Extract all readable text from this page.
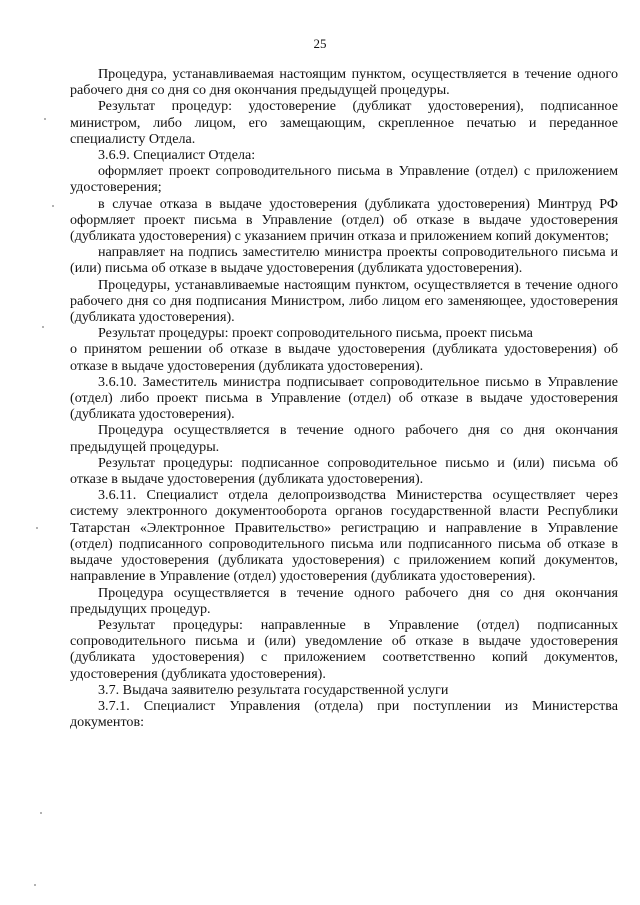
25

Процедура, устанавливаемая настоящим пунктом, осуществляется в течение одного рабочего дня со дня со дня окончания предыдущей процедуры.

Результат процедур: удостоверение (дубликат удостоверения), подписанное министром, либо лицом, его замещающим, скрепленное печатью и переданное специалисту Отдела.

3.6.9. Специалист Отдела:

оформляет проект сопроводительного письма в Управление (отдел) с приложением удостоверения;

в случае отказа в выдаче удостоверения (дубликата удостоверения) Минтруд РФ оформляет проект письма в Управление (отдел) об отказе в выдаче удостоверения (дубликата удостоверения) с указанием причин отказа и приложением копий документов;

направляет на подпись заместителю министра проекты сопроводительного письма и (или) письма об отказе в выдаче удостоверения (дубликата удостоверения).

Процедуры, устанавливаемые настоящим пунктом, осуществляется в течение одного рабочего дня со дня подписания Министром, либо лицом его заменяющее, удостоверения (дубликата удостоверения).

Результат процедуры: проект сопроводительного письма, проект письма

о принятом решении об отказе в выдаче удостоверения (дубликата удостоверения) об отказе в выдаче удостоверения (дубликата удостоверения).

3.6.10. Заместитель министра подписывает сопроводительное письмо в Управление (отдел) либо проект письма в Управление (отдел) об отказе в выдаче удостоверения (дубликата удостоверения).

Процедура осуществляется в течение одного рабочего дня со дня окончания предыдущей процедуры.

Результат процедуры: подписанное сопроводительное письмо и (или) письма об отказе в выдаче удостоверения (дубликата удостоверения).

3.6.11. Специалист отдела делопроизводства Министерства осуществляет через систему электронного документооборота органов государственной власти Республики Татарстан «Электронное Правительство» регистрацию и направление в Управление (отдел) подписанного сопроводительного письма или подписанного письма об отказе в выдаче удостоверения (дубликата удостоверения) с приложением копий документов, направление в Управление (отдел) удостоверения (дубликата удостоверения).

Процедура осуществляется в течение одного рабочего дня со дня окончания предыдущих процедур.

Результат процедуры: направленные в Управление (отдел) подписанных сопроводительного письма и (или) уведомление об отказе в выдаче удостоверения (дубликата удостоверения) с приложением соответственно копий документов, удостоверения (дубликата удостоверения).

3.7. Выдача заявителю результата государственной услуги

3.7.1. Специалист Управления (отдела) при поступлении из Министерства документов:
